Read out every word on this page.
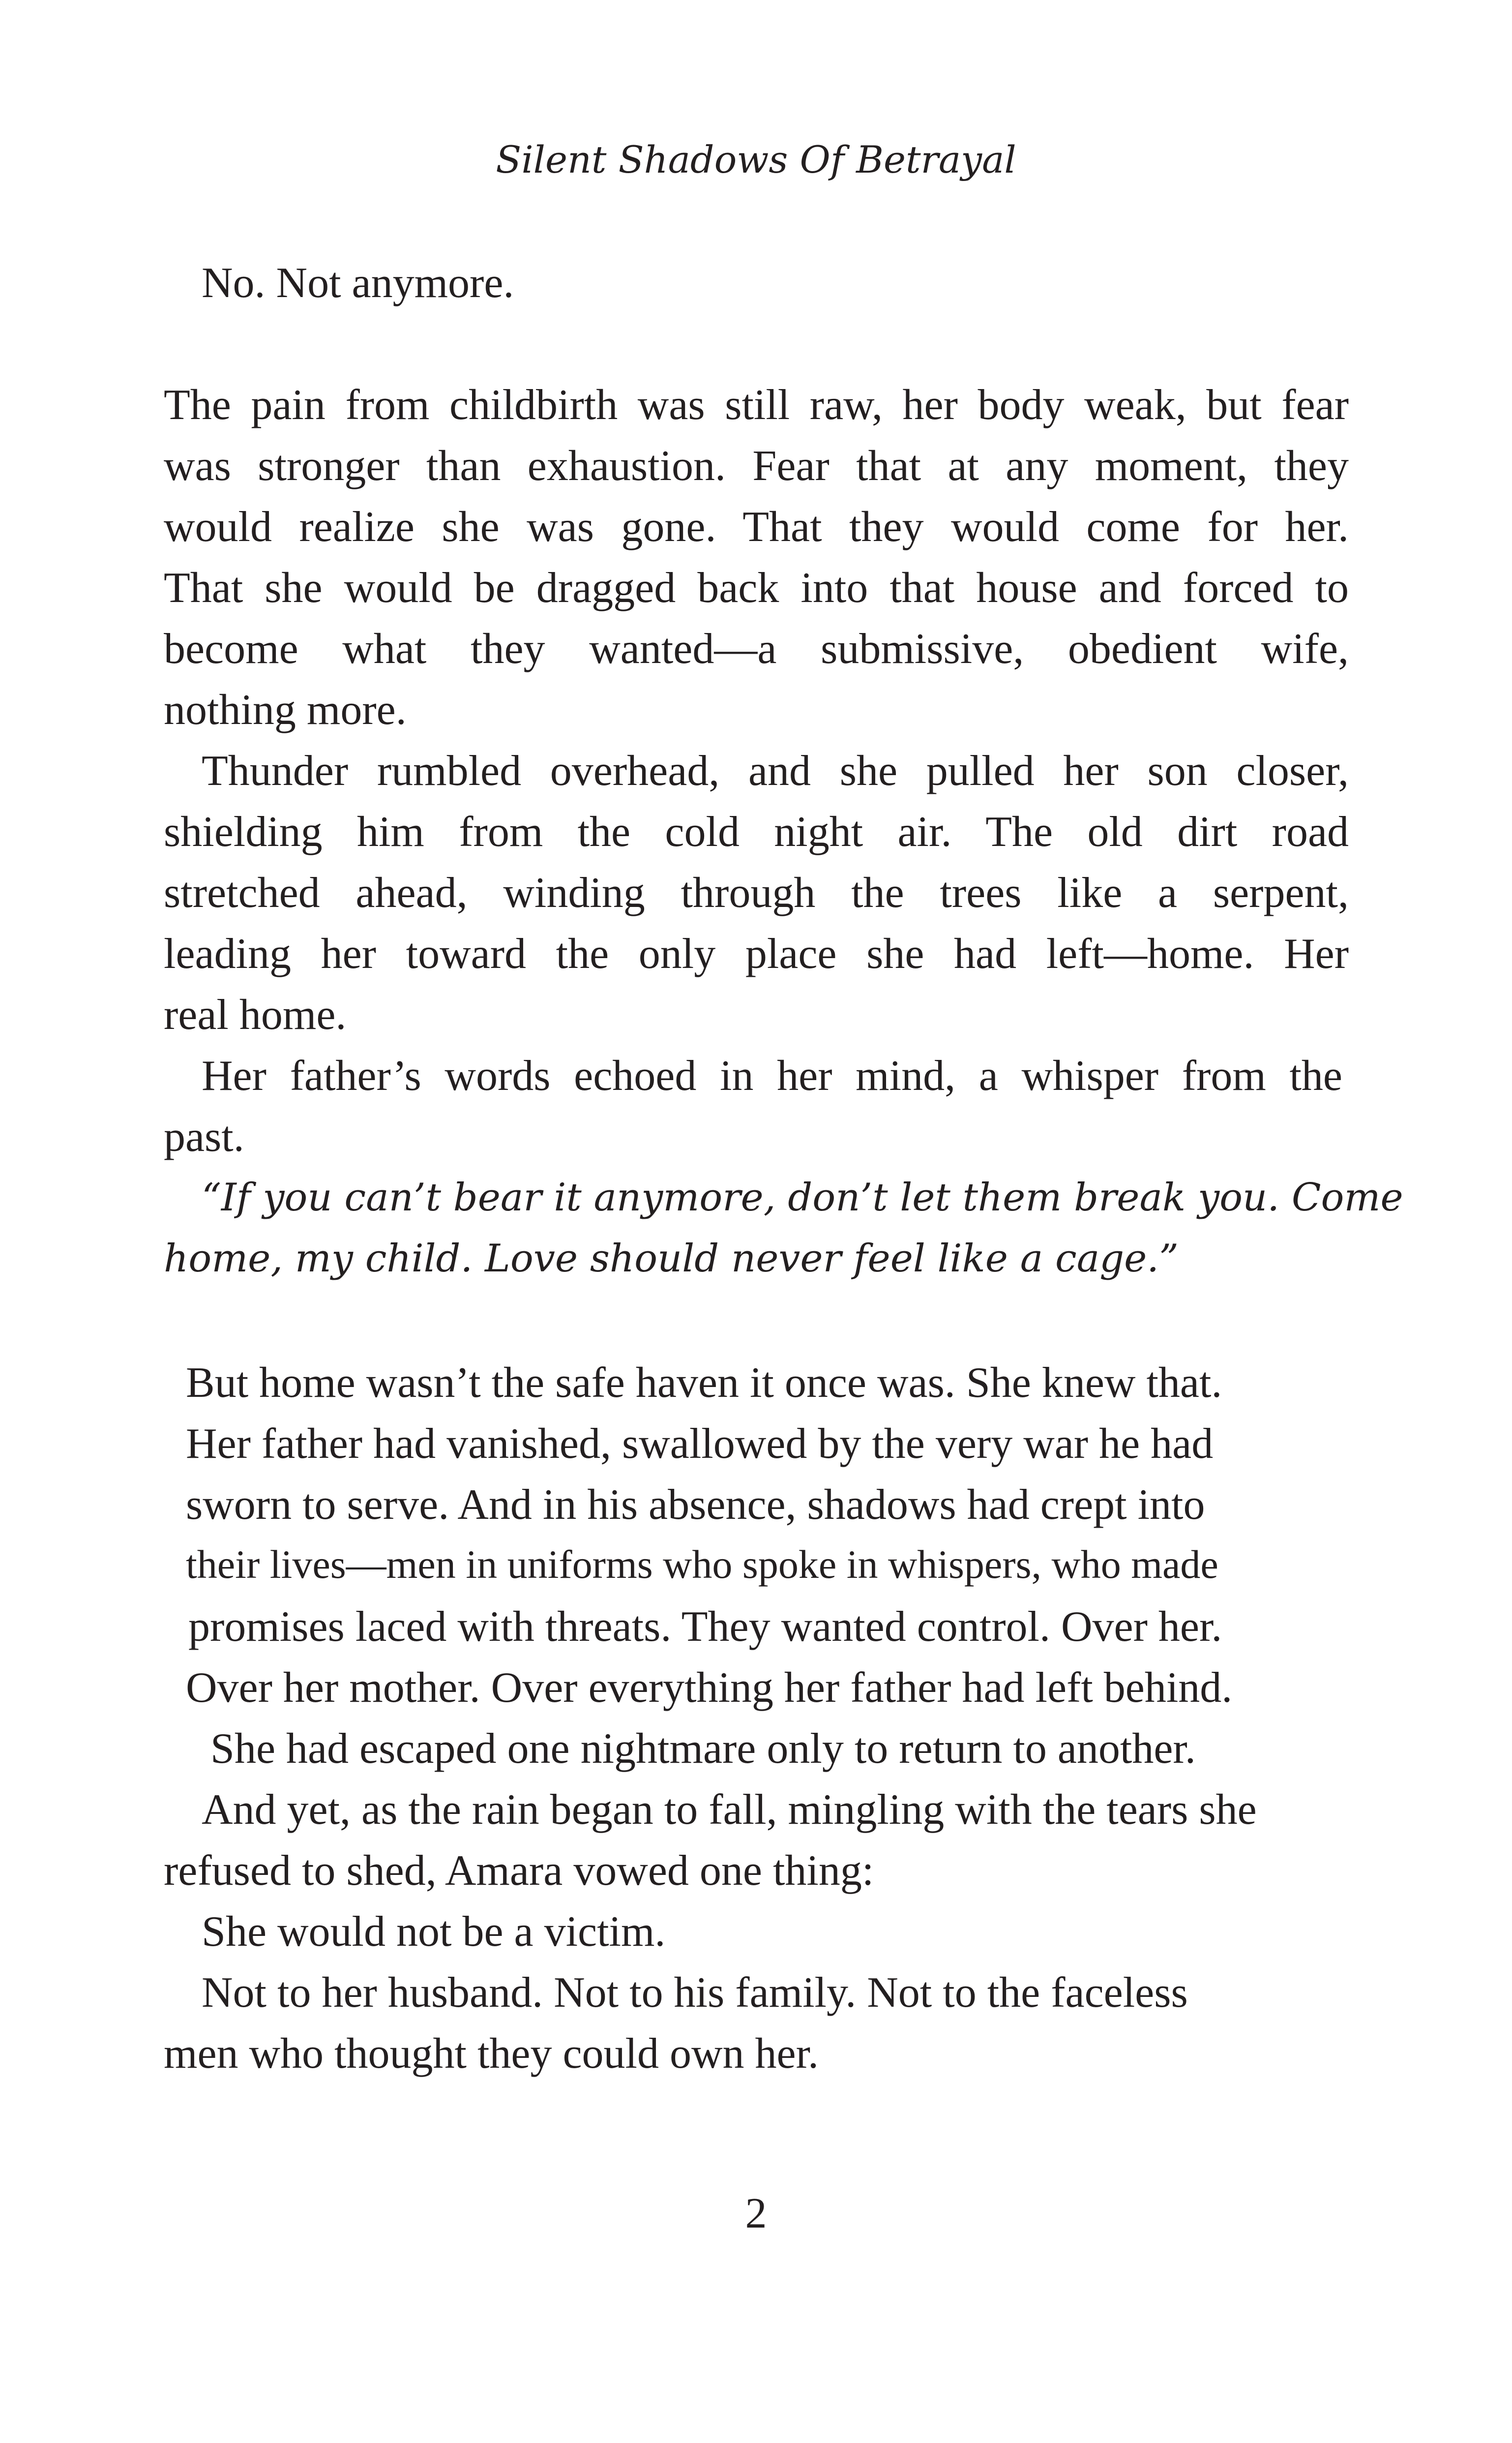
Silent Shadows Of Betrayal
No. Not anymore.
The pain from childbirth was still raw, her body weak, but fear
was stronger than exhaustion. Fear that at any moment, they
would realize she was gone. That they would come for her.
That she would be dragged back into that house and forced to
become what they wanted—a submissive, obedient wife,
nothing more.
Thunder rumbled overhead, and she pulled her son closer,
shielding him from the cold night air. The old dirt road
stretched ahead, winding through the trees like a serpent,
leading her toward the only place she had left—home. Her
real home.
Her father’s words echoed in her mind, a whisper from the
past.
“If you can’t bear it anymore, don’t let them break you. Come
home, my child. Love should never feel like a cage.”
But home wasn’t the safe haven it once was. She knew that.
Her father had vanished, swallowed by the very war he had
sworn to serve. And in his absence, shadows had crept into
their lives—men in uniforms who spoke in whispers, who made
promises laced with threats. They wanted control. Over her.
Over her mother. Over everything her father had left behind.
She had escaped one nightmare only to return to another.
And yet, as the rain began to fall, mingling with the tears she
refused to shed, Amara vowed one thing:
She would not be a victim.
Not to her husband. Not to his family. Not to the faceless
men who thought they could own her.
2
